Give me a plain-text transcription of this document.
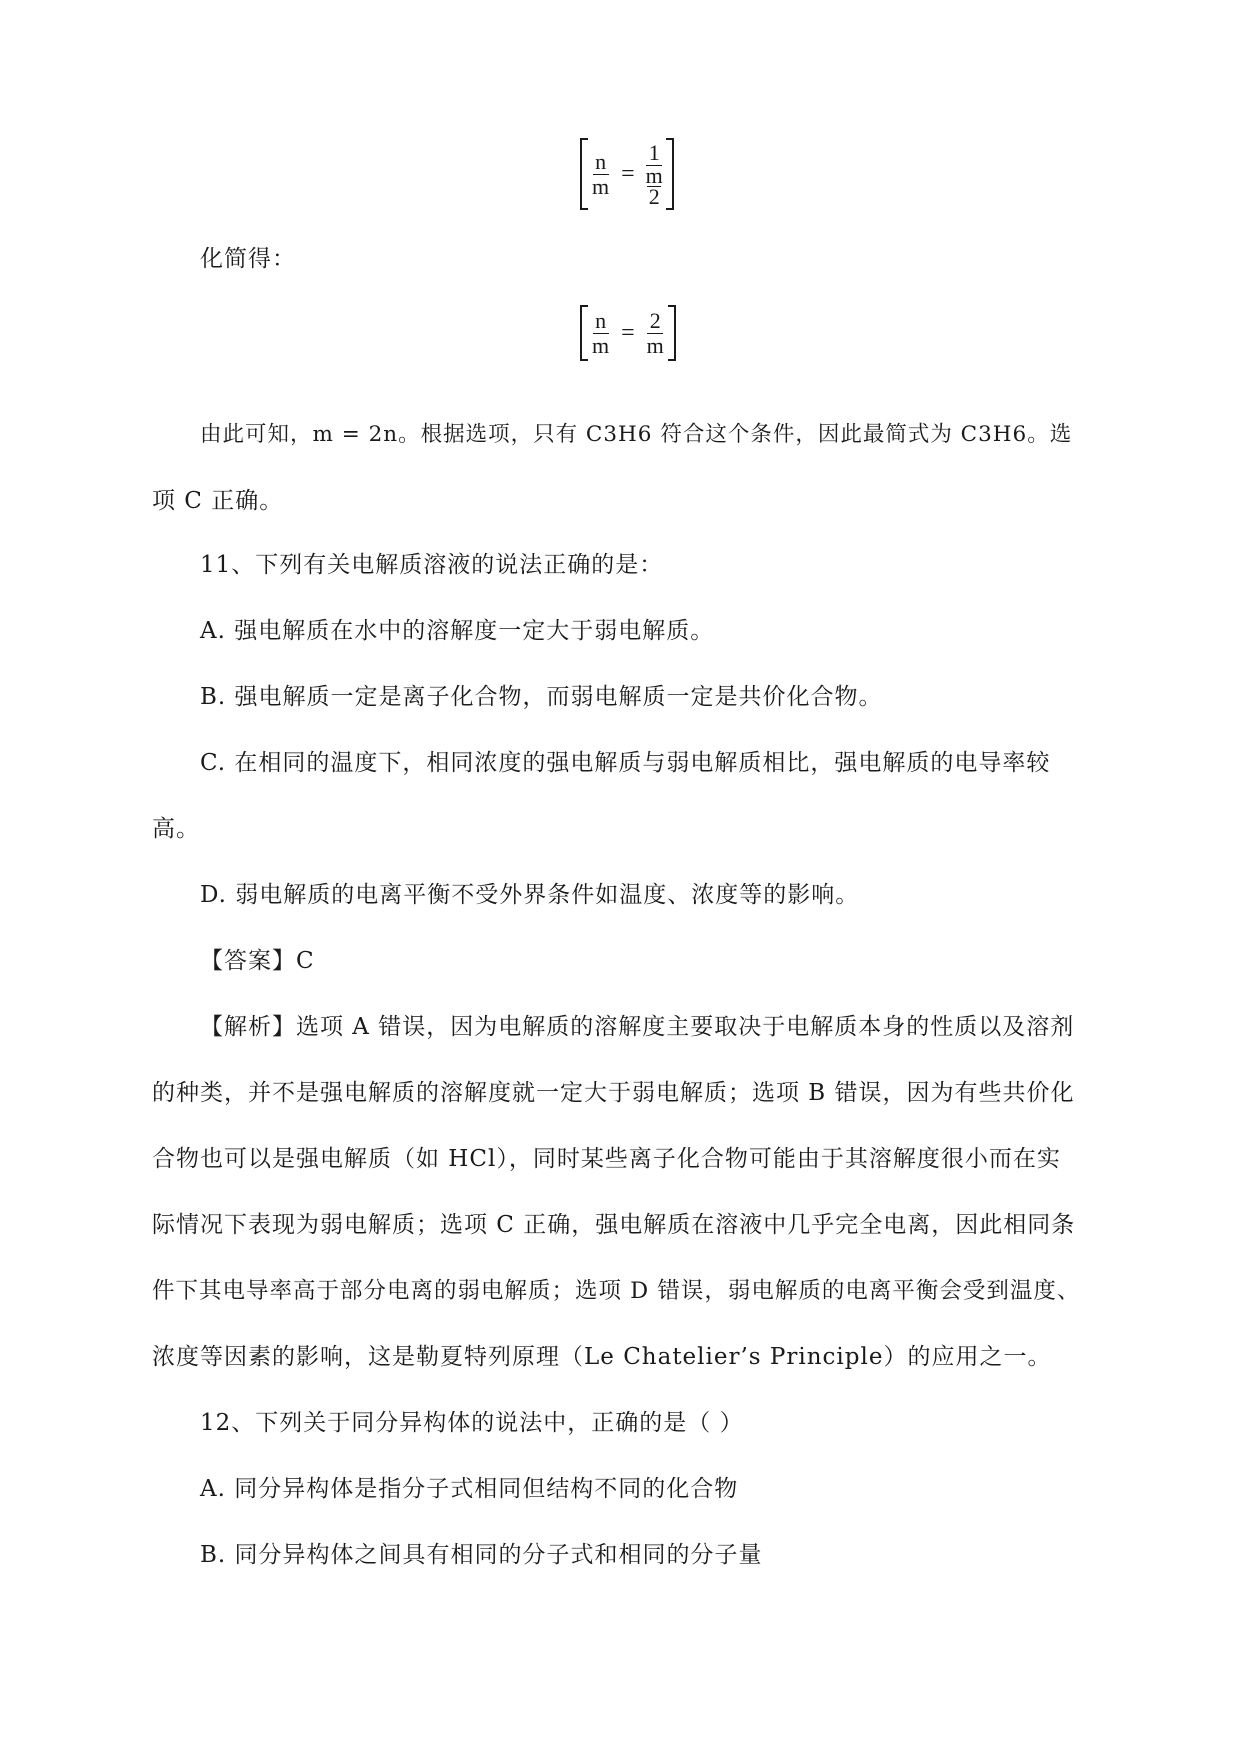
$\frac{n}{m} = 1$
m
2
化简得：
$\frac{n}{m} = \frac{2}{m}$
由此可知，m = 2n。根据选项，只有 C3H6 符合这个条件，因此最简式为 C3H6。选
项 C 正确。
11、下列有关电解质溶液的说法正确的是：
A. 强电解质在水中的溶解度一定大于弱电解质。
B. 强电解质一定是离子化合物，而弱电解质一定是共价化合物。
C. 在相同的温度下，相同浓度的强电解质与弱电解质相比，强电解质的电导率较
高。
D. 弱电解质的电离平衡不受外界条件如温度、浓度等的影响。
【答案】C
【解析】选项 A 错误，因为电解质的溶解度主要取决于电解质本身的性质以及溶剂
的种类，并不是强电解质的溶解度就一定大于弱电解质；选项 B 错误，因为有些共价化
合物也可以是强电解质（如 HCl），同时某些离子化合物可能由于其溶解度很小而在实
际情况下表现为弱电解质；选项 C 正确，强电解质在溶液中几乎完全电离，因此相同条
件下其电导率高于部分电离的弱电解质；选项 D 错误，弱电解质的电离平衡会受到温度、
浓度等因素的影响，这是勒夏特列原理（Le Chatelier’s Principle）的应用之一。
12、下列关于同分异构体的说法中，正确的是（ ）
A. 同分异构体是指分子式相同但结构不同的化合物
B. 同分异构体之间具有相同的分子式和相同的分子量
